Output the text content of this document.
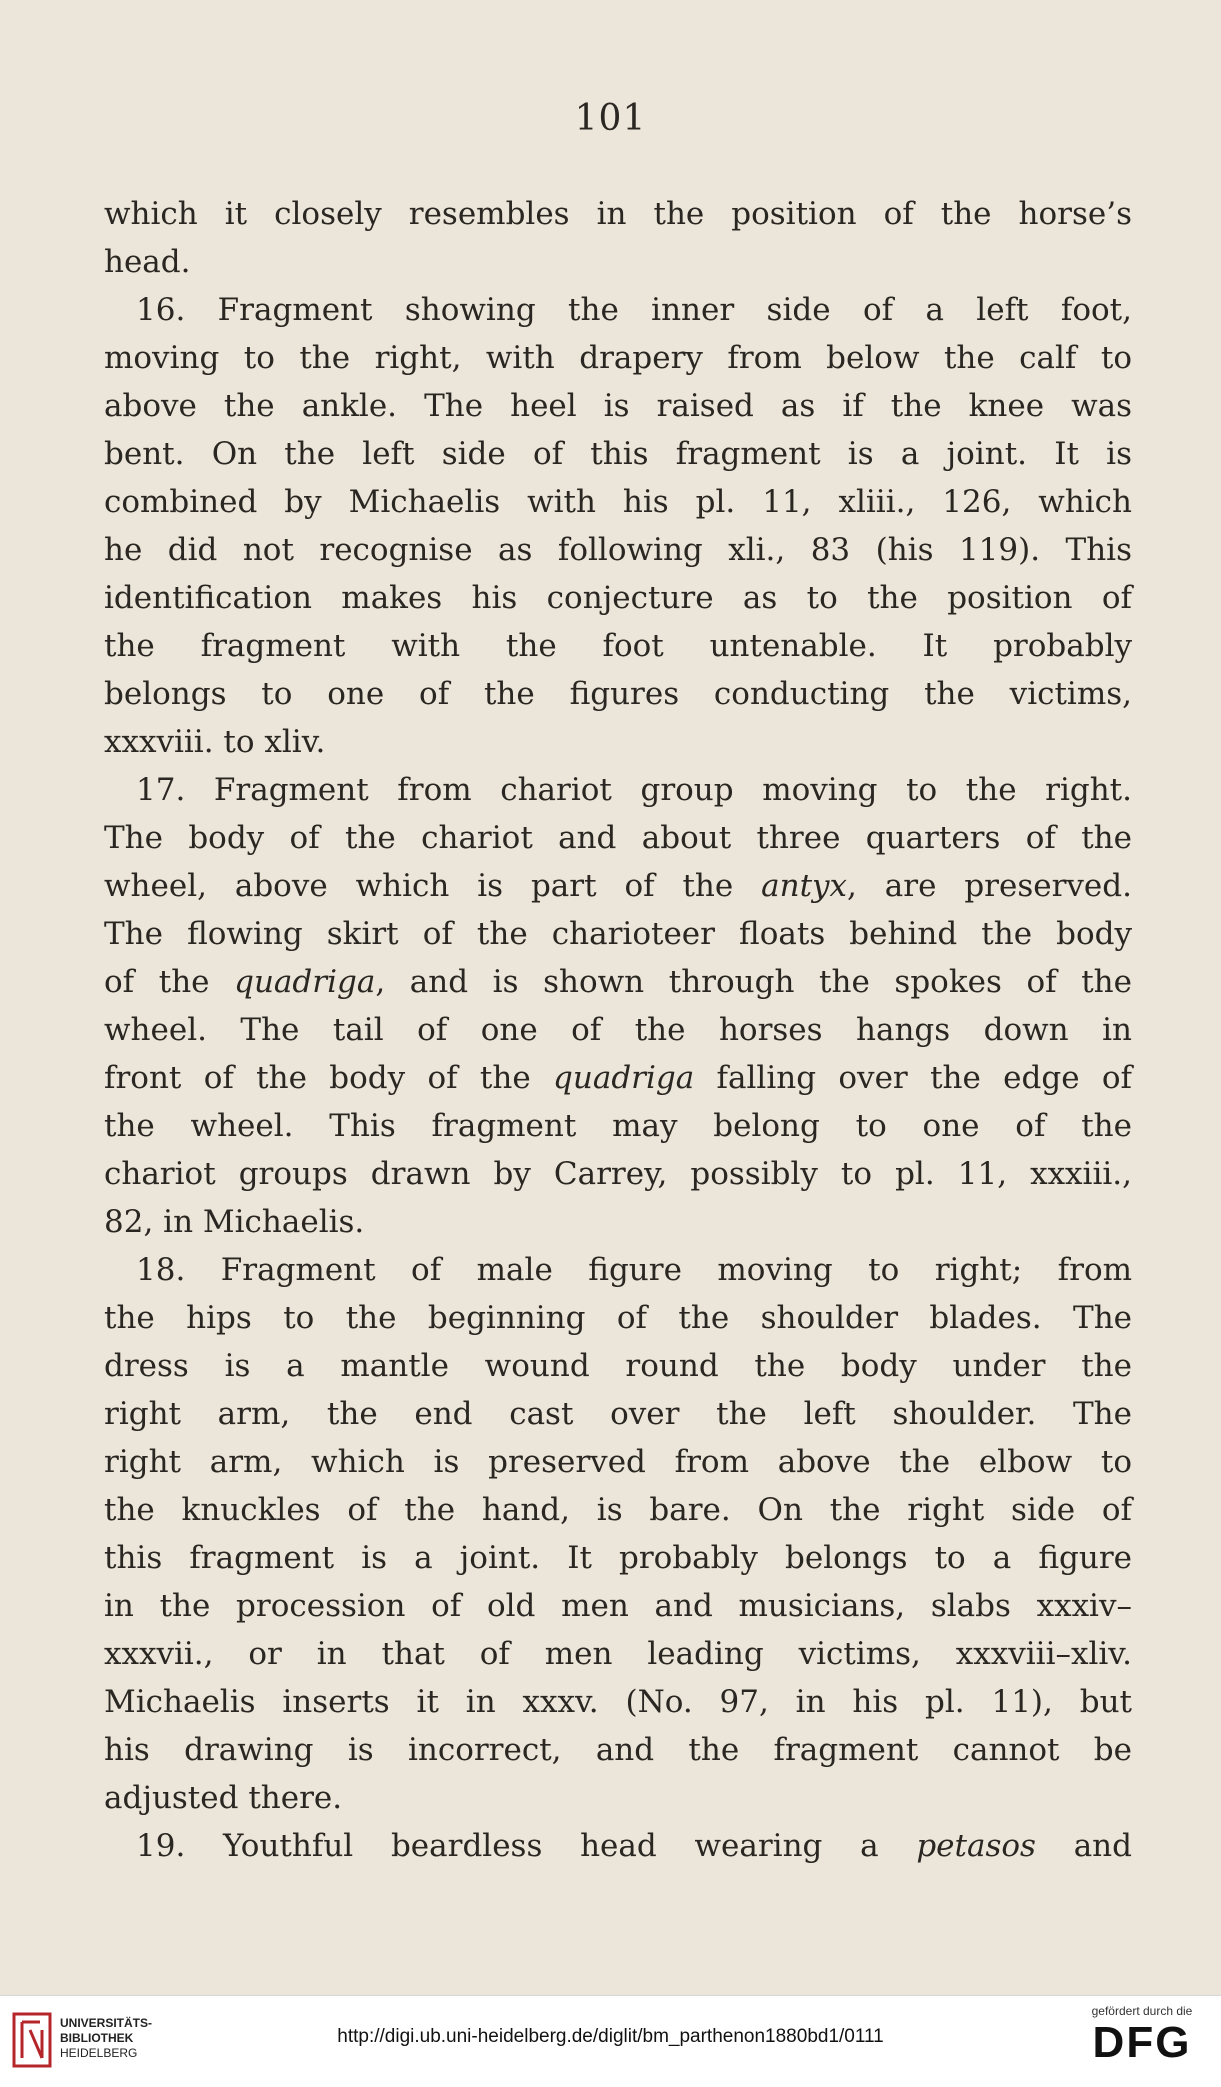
101
which it closely resembles in the position of the horse’s
head.
16. Fragment showing the inner side of a left foot,
moving to the right, with drapery from below the calf to
above the ankle. The heel is raised as if the knee was
bent. On the left side of this fragment is a joint. It is
combined by Michaelis with his pl. 11, xliii., 126, which
he did not recognise as following xli., 83 (his 119). This
identification makes his conjecture as to the position of
the fragment with the foot untenable. It probably
belongs to one of the figures conducting the victims,
xxxviii. to xliv.
17. Fragment from chariot group moving to the right.
The body of the chariot and about three quarters of the
wheel, above which is part of the antyx, are preserved.
The flowing skirt of the charioteer floats behind the body
of the quadriga, and is shown through the spokes of the
wheel. The tail of one of the horses hangs down in
front of the body of the quadriga falling over the edge of
the wheel. This fragment may belong to one of the
chariot groups drawn by Carrey, possibly to pl. 11, xxxiii.,
82, in Michaelis.
18. Fragment of male figure moving to right; from
the hips to the beginning of the shoulder blades. The
dress is a mantle wound round the body under the
right arm, the end cast over the left shoulder. The
right arm, which is preserved from above the elbow to
the knuckles of the hand, is bare. On the right side of
this fragment is a joint. It probably belongs to a figure
in the procession of old men and musicians, slabs xxxiv–
xxxvii., or in that of men leading victims, xxxviii–xliv.
Michaelis inserts it in xxxv. (No. 97, in his pl. 11), but
his drawing is incorrect, and the fragment cannot be
adjusted there.
19. Youthful beardless head wearing a petasos and
UNIVERSITÄTS-
BIBLIOTHEK
HEIDELBERG
http://digi.ub.uni-heidelberg.de/diglit/bm_parthenon1880bd1/0111
gefördert durch die
DFG
